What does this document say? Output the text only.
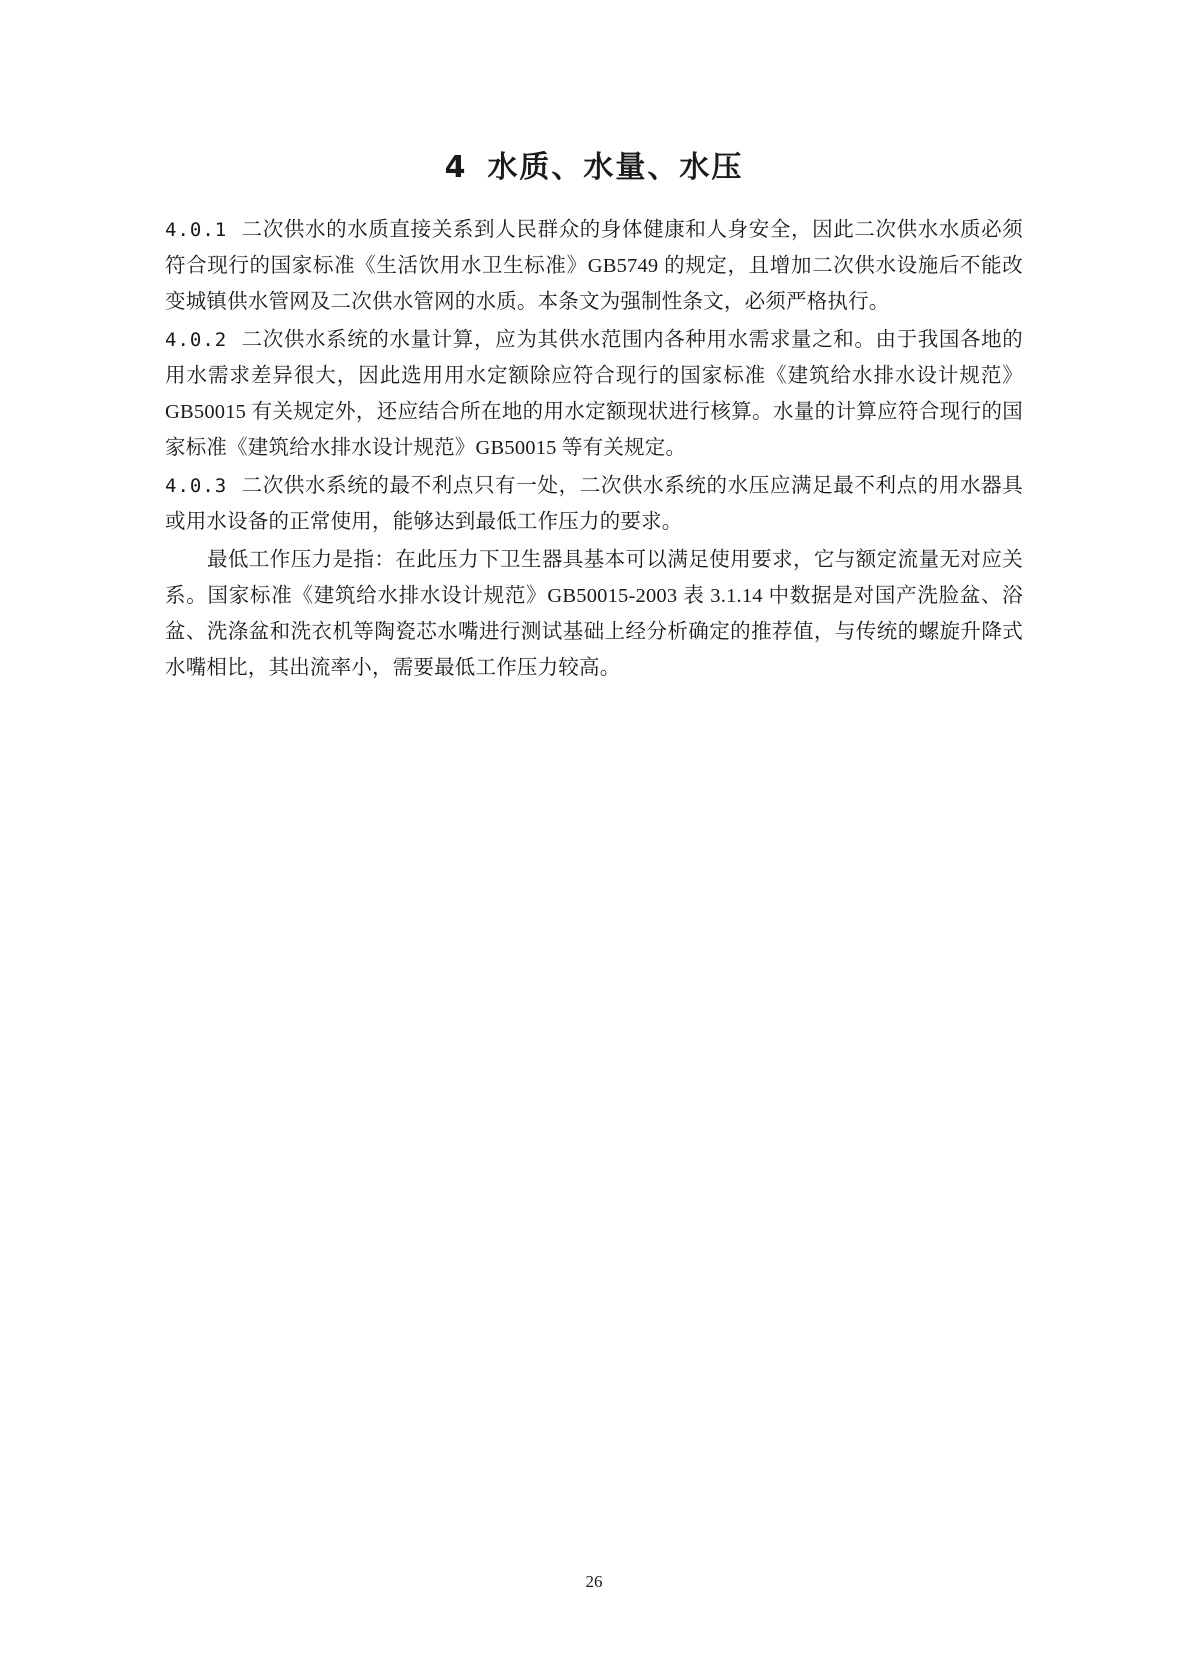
4 水质、水量、水压

4.0.1 二次供水的水质直接关系到人民群众的身体健康和人身安全，因此二次供水水质必须符合现行的国家标准《生活饮用水卫生标准》GB5749 的规定，且增加二次供水设施后不能改变城镇供水管网及二次供水管网的水质。本条文为强制性条文，必须严格执行。

4.0.2 二次供水系统的水量计算，应为其供水范围内各种用水需求量之和。由于我国各地的用水需求差异很大，因此选用用水定额除应符合现行的国家标准《建筑给水排水设计规范》GB50015 有关规定外，还应结合所在地的用水定额现状进行核算。水量的计算应符合现行的国家标准《建筑给水排水设计规范》GB50015 等有关规定。

4.0.3 二次供水系统的最不利点只有一处，二次供水系统的水压应满足最不利点的用水器具或用水设备的正常使用，能够达到最低工作压力的要求。

最低工作压力是指：在此压力下卫生器具基本可以满足使用要求，它与额定流量无对应关系。国家标准《建筑给水排水设计规范》GB50015-2003 表 3.1.14 中数据是对国产洗脸盆、浴盆、洗涤盆和洗衣机等陶瓷芯水嘴进行测试基础上经分析确定的推荐值，与传统的螺旋升降式水嘴相比，其出流率小，需要最低工作压力较高。

26
